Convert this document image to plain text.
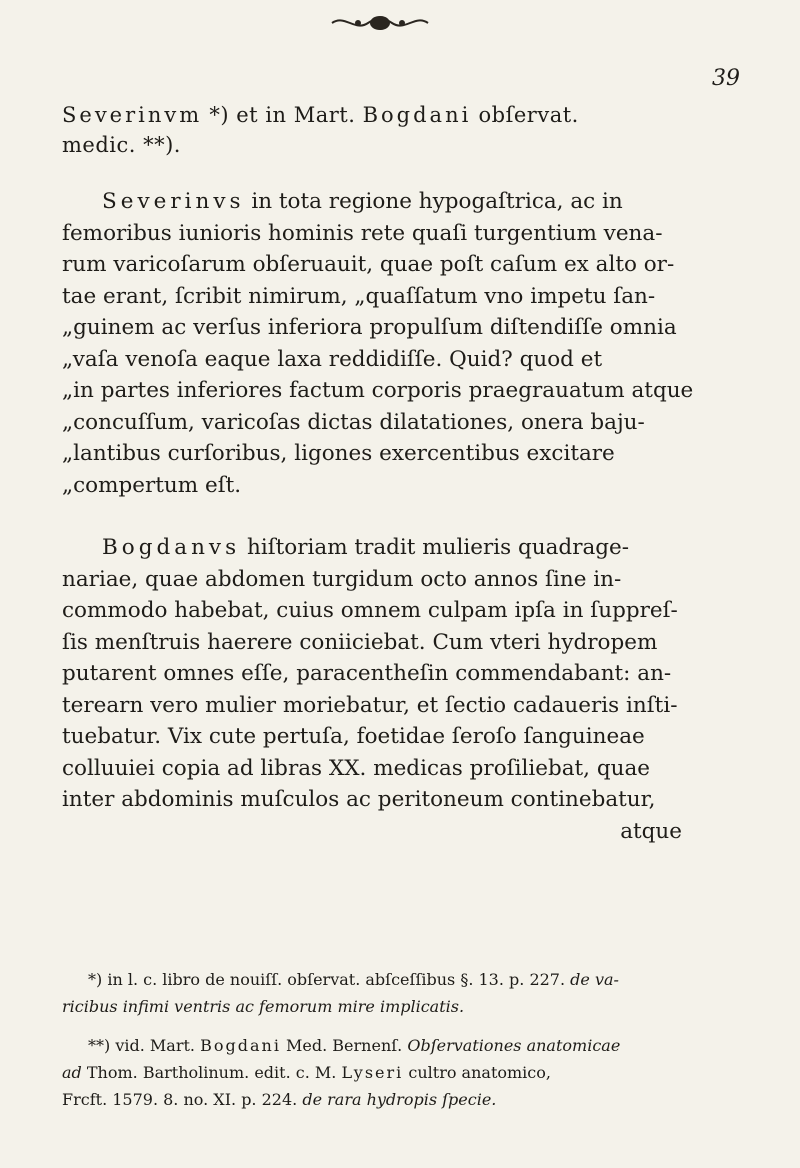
39
Severinvm *) et in Mart. Bogdani obſervat.
medic. **).
Severinvs in tota regione hypogaſtrica, ac in
femoribus iunioris hominis rete quaſi turgentium vena-
rum varicoſarum obſeruauit, quae poſt caſum ex alto or-
tae erant, ſcribit nimirum, „quaſſatum vno impetu ſan-
„guinem ac verſus inferiora propulſum diſtendiſſe omnia
„vaſa venoſa eaque laxa reddidiſſe. Quid? quod et
„in partes inferiores factum corporis praegrauatum atque
„concuſſum, varicoſas dictas dilatationes, onera baju-
„lantibus curſoribus, ligones exercentibus excitare
„compertum eſt.
Bogdanvs hiſtoriam tradit mulieris quadrage-
nariae, quae abdomen turgidum octo annos ſine in-
commodo habebat, cuius omnem culpam ipſa in ſuppreſ-
ſis menſtruis haerere coniiciebat. Cum vteri hydropem
putarent omnes eſſe, paracentheſin commendabant: an-
terearn vero mulier moriebatur, et ſectio cadaueris inſti-
tuebatur. Vix cute pertuſa, foetidae ſeroſo ſanguineae
colluuiei copia ad libras XX. medicas proſiliebat, quae
inter abdominis muſculos ac peritoneum continebatur,
atque
*) in l. c. libro de nouiſſ. obſervat. abſceſſibus §. 13. p. 227. de va-
ricibus infimi ventris ac femorum mire implicatis.
**) vid. Mart. Bogdani Med. Bernenſ. Obſervationes anatomicae
ad Thom. Bartholinum. edit. c. M. Lyseri cultro anatomico,
Frcft. 1579. 8. no. XI. p. 224. de rara hydropis ſpecie.
